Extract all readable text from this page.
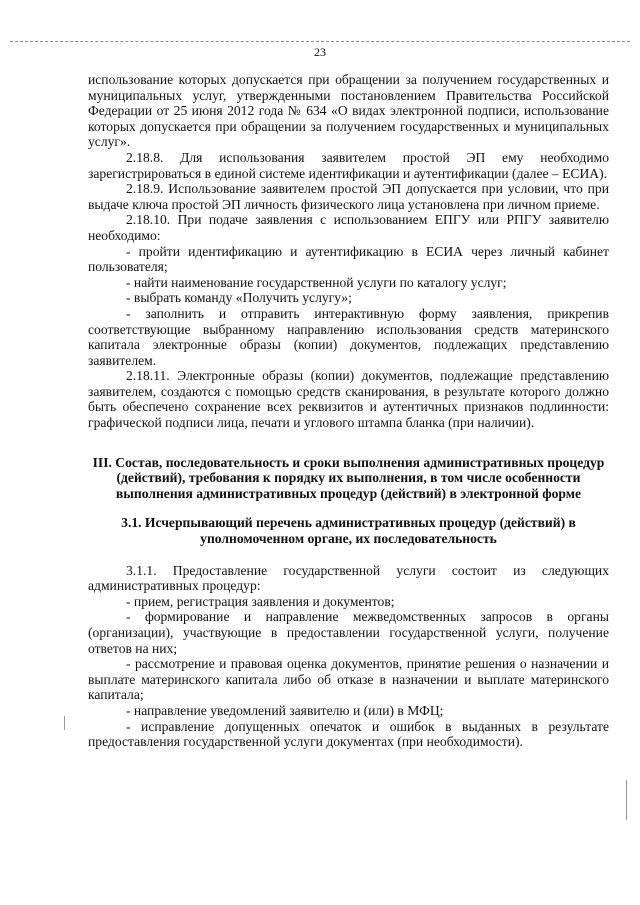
23

использование которых допускается при обращении за получением государственных и муниципальных услуг, утвержденными постановлением Правительства Российской Федерации от 25 июня 2012 года № 634 «О видах электронной подписи, использование которых допускается при обращении за получением государственных и муниципальных услуг».

2.18.8. Для использования заявителем простой ЭП ему необходимо зарегистрироваться в единой системе идентификации и аутентификации (далее – ЕСИА).

2.18.9. Использование заявителем простой ЭП допускается при условии, что при выдаче ключа простой ЭП личность физического лица установлена при личном приеме.

2.18.10. При подаче заявления с использованием ЕПГУ или РПГУ заявителю необходимо:

- пройти идентификацию и аутентификацию в ЕСИА через личный кабинет пользователя;

- найти наименование государственной услуги по каталогу услуг;

- выбрать команду «Получить услугу»;

- заполнить и отправить интерактивную форму заявления, прикрепив соответствующие выбранному направлению использования средств материнского капитала электронные образы (копии) документов, подлежащих представлению заявителем.

2.18.11. Электронные образы (копии) документов, подлежащие представлению заявителем, создаются с помощью средств сканирования, в результате которого должно быть обеспечено сохранение всех реквизитов и аутентичных признаков подлинности: графической подписи лица, печати и углового штампа бланка (при наличии).

III. Состав, последовательность и сроки выполнения административных процедур (действий), требования к порядку их выполнения, в том числе особенности выполнения административных процедур (действий) в электронной форме

3.1. Исчерпывающий перечень административных процедур (действий) в уполномоченном органе, их последовательность

3.1.1. Предоставление государственной услуги состоит из следующих административных процедур:

- прием, регистрация заявления и документов;

- формирование и направление межведомственных запросов в органы (организации), участвующие в предоставлении государственной услуги, получение ответов на них;

- рассмотрение и правовая оценка документов, принятие решения о назначении и выплате материнского капитала либо об отказе в назначении и выплате материнского капитала;

- направление уведомлений заявителю и (или) в МФЦ;

- исправление допущенных опечаток и ошибок в выданных в результате предоставления государственной услуги документах (при необходимости).
